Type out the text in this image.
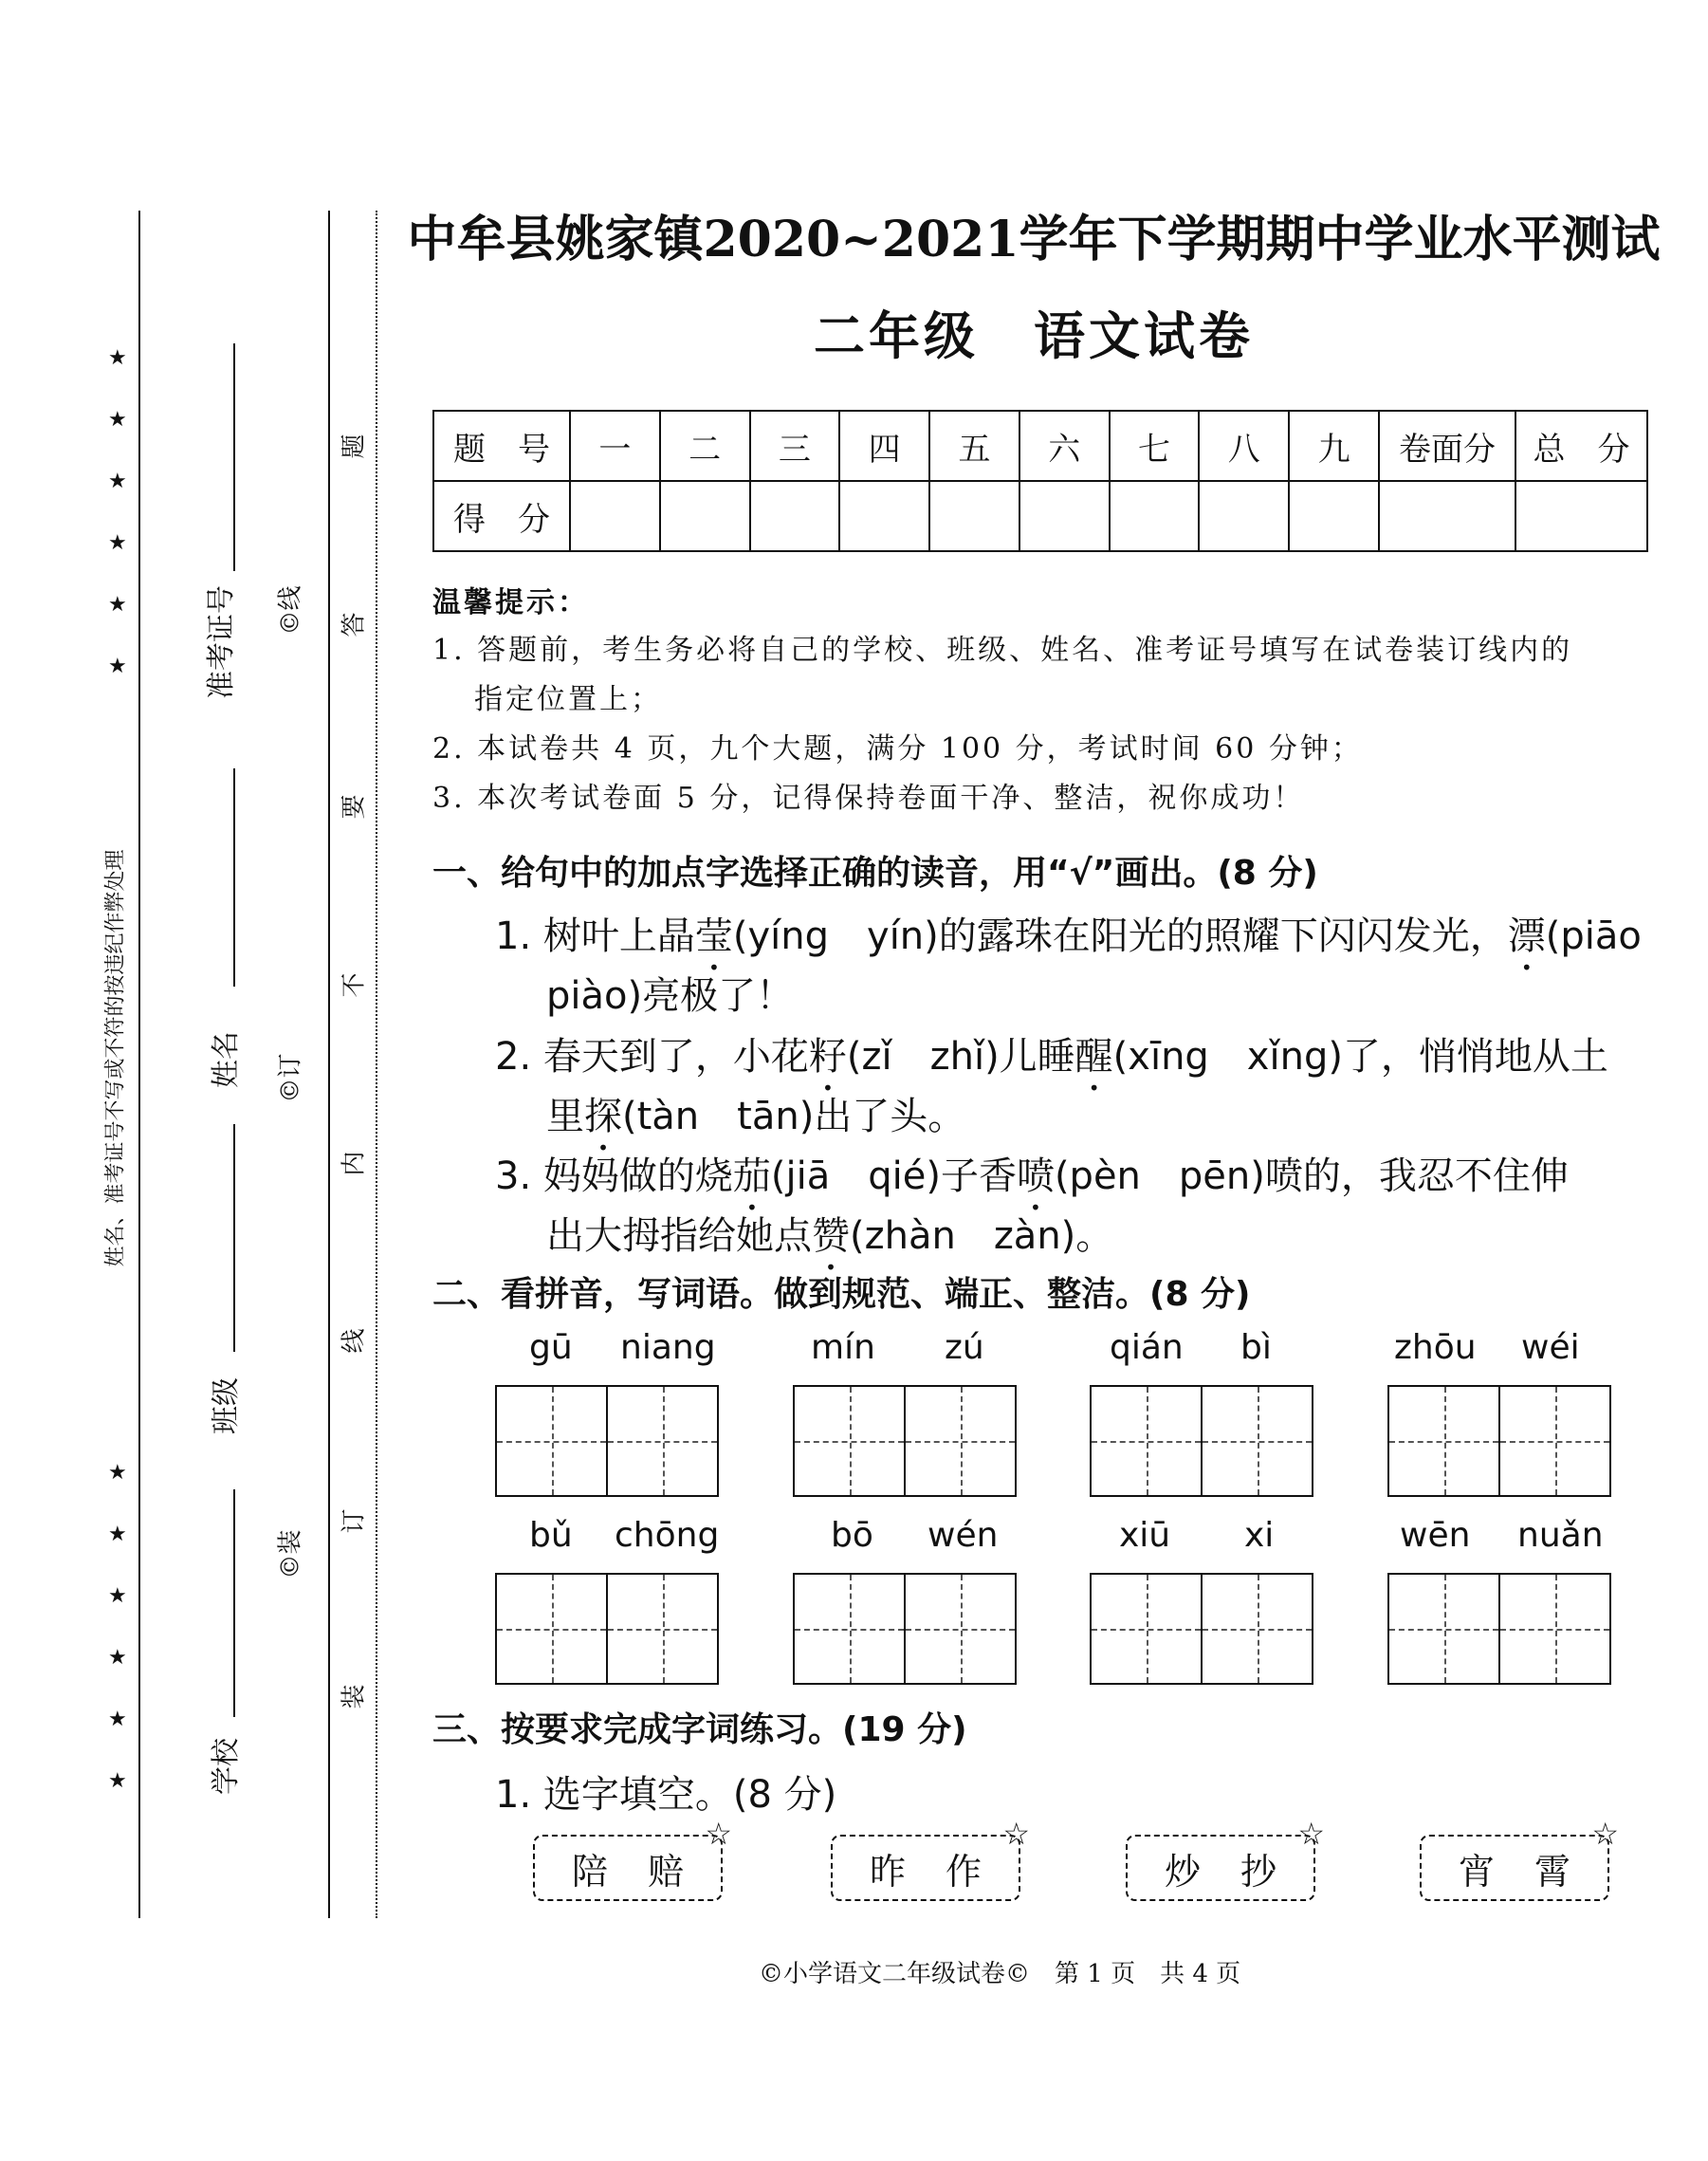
★
★
★
★
★
★
★
★
★
★
★
★
姓名、准考证号不写或不符的按违纪作弊处理
准考证号
姓名
班级
学校
©线
©订
©装
题
答
要
不
内
线
订
装
中牟县姚家镇2020~2021学年下学期期中学业水平测试
二年级　语文试卷
题　号	一	二	三	四	五	六	七	八	九	卷面分	总　分
得　分											
温馨提示：
1. 答题前，考生务必将自己的学校、班级、姓名、准考证号填写在试卷装订线内的
指定位置上；
2. 本试卷共 4 页，九个大题，满分 100 分，考试时间 60 分钟；
3. 本次考试卷面 5 分，记得保持卷面干净、整洁，祝你成功！
一、给句中的加点字选择正确的读音，用“√”画出。(8 分)
1. 树叶上晶莹(yíng　yín)的露珠在阳光的照耀下闪闪发光，漂(piāo
piào)亮极了！
2. 春天到了，小花籽(zǐ　zhǐ)儿睡醒(xīng　xǐng)了，悄悄地从土
里探(tàn　tān)出了头。
3. 妈妈做的烧茄(jiā　qié)子香喷(pèn　pēn)喷的，我忍不住伸
出大拇指给她点赞(zhàn　zàn)。
二、看拼音，写词语。做到规范、端正、整洁。(8 分)
gū niang	mín zú	qián bì	zhōu wéi
bǔ chōng	bō wén	xiū xi	wēn nuǎn
三、按要求完成字词练习。(19 分)
1. 选字填空。(8 分)
陪 赔
☆
昨 作
☆
炒 抄
☆
宵 霄
☆
©小学语文二年级试卷©　第 1 页　共 4 页
